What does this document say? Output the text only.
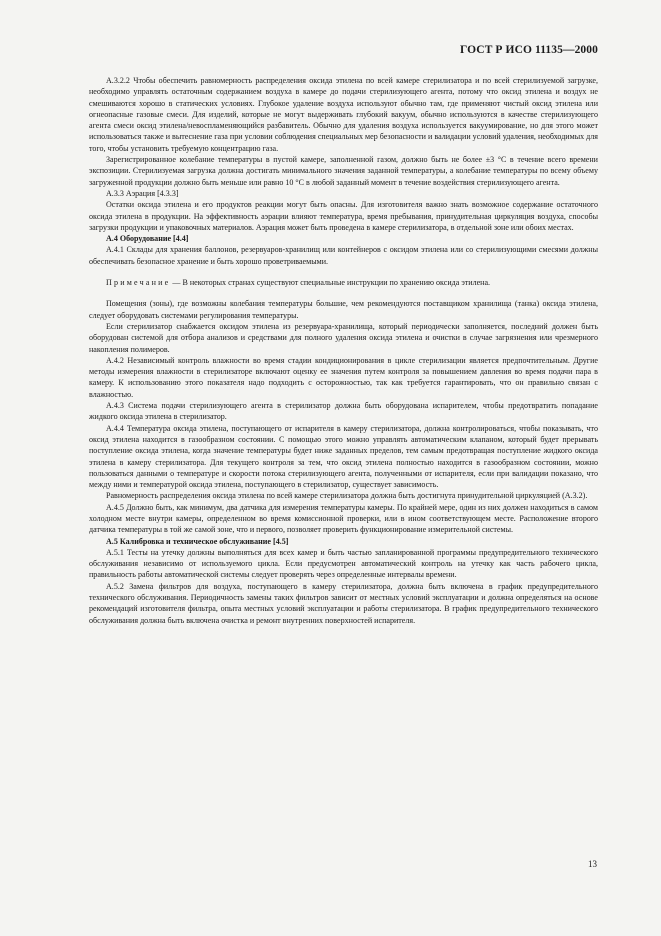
ГОСТ Р ИСО 11135—2000

А.3.2.2 Чтобы обеспечить равномерность распределения оксида этилена по всей камере стерилизатора и по всей стерилизуемой загрузке, необходимо управлять остаточным содержанием воздуха в камере до подачи стерилизующего агента, потому что оксид этилена и воздух не смешиваются хорошо в статических условиях. Глубокое удаление воздуха используют обычно там, где применяют чистый оксид этилена или огнеопасные газовые смеси. Для изделий, которые не могут выдерживать глубокий вакуум, обычно используются в качестве стерилизующего агента смеси оксид этилена/невоспламеняющийся разбавитель. Обычно для удаления воздуха используется вакуумирование, но для этого может использоваться также и вытеснение газа при условии соблюдения специальных мер безопасности и валидации условий удаления, необходимых для того, чтобы установить требуемую концентрацию газа.

Зарегистрированное колебание температуры в пустой камере, заполненной газом, должно быть не более ±3 °С в течение всего времени экспозиции. Стерилизуемая загрузка должна достигать минимального значения заданной температуры, а колебание температуры по всему объему загруженной продукции должно быть меньше или равно 10 °С в любой заданный момент в течение воздействия стерилизующего агента.

А.3.3 Аэрация [4.3.3]

Остатки оксида этилена и его продуктов реакции могут быть опасны. Для изготовителя важно знать возможное содержание остаточного оксида этилена в продукции. На эффективность аэрации влияют температура, время пребывания, принудительная циркуляция воздуха, способы загрузки продукции и упаковочных материалов. Аэрация может быть проведена в камере стерилизатора, в отдельной зоне или обоих местах.

А.4 Оборудование [4.4]

А.4.1 Склады для хранения баллонов, резервуаров-хранилищ или контейнеров с оксидом этилена или со стерилизующими смесями должны обеспечивать безопасное хранение и быть хорошо проветриваемыми.

Примечание — В некоторых странах существуют специальные инструкции по хранению оксида этилена.

Помещения (зоны), где возможны колебания температуры большие, чем рекомендуются поставщиком хранилища (танка) оксида этилена, следует оборудовать системами регулирования температуры.

Если стерилизатор снабжается оксидом этилена из резервуара-хранилища, который периодически заполняется, последний должен быть оборудован системой для отбора анализов и средствами для полного удаления оксида этилена и очистки в случае загрязнения или чрезмерного накопления полимеров.

А.4.2 Независимый контроль влажности во время стадии кондиционирования в цикле стерилизации является предпочтительным. Другие методы измерения влажности в стерилизаторе включают оценку ее значения путем контроля за повышением давления во время подачи пара в камеру. К использованию этого показателя надо подходить с осторожностью, так как требуется гарантировать, что он правильно связан с влажностью.

А.4.3 Система подачи стерилизующего агента в стерилизатор должна быть оборудована испарителем, чтобы предотвратить попадание жидкого оксида этилена в стерилизатор.

А.4.4 Температура оксида этилена, поступающего от испарителя в камеру стерилизатора, должна контролироваться, чтобы показывать, что оксид этилена находится в газообразном состоянии. С помощью этого можно управлять автоматическим клапаном, который будет прерывать поступление оксида этилена, когда значение температуры будет ниже заданных пределов, тем самым предотвращая поступление жидкого оксида этилена в камеру стерилизатора. Для текущего контроля за тем, что оксид этилена полностью находится в газообразном состоянии, можно пользоваться данными о температуре и скорости потока стерилизующего агента, полученными от испарителя, если при валидации показано, что между ними и температурой оксида этилена, поступающего в стерилизатор, существует зависимость.

Равномерность распределения оксида этилена по всей камере стерилизатора должна быть достигнута принудительной циркуляцией (А.3.2).

А.4.5 Должно быть, как минимум, два датчика для измерения температуры камеры. По крайней мере, один из них должен находиться в самом холодном месте внутри камеры, определенном во время комиссионной проверки, или в ином соответствующем месте. Расположение второго датчика температуры в той же самой зоне, что и первого, позволяет проверить функционирование измерительной системы.

А.5 Калибровка и техническое обслуживание [4.5]

А.5.1 Тесты на утечку должны выполняться для всех камер и быть частью запланированной программы предупредительного технического обслуживания независимо от используемого цикла. Если предусмотрен автоматический контроль на утечку как часть рабочего цикла, правильность работы автоматической системы следует проверять через определенные интервалы времени.

А.5.2 Замена фильтров для воздуха, поступающего в камеру стерилизатора, должна быть включена в график предупредительного технического обслуживания. Периодичность замены таких фильтров зависит от местных условий эксплуатации и должна определяться на основе рекомендаций изготовителя фильтра, опыта местных условий эксплуатации и работы стерилизатора. В график предупредительного технического обслуживания должна быть включена очистка и ремонт внутренних поверхностей испарителя.

13
